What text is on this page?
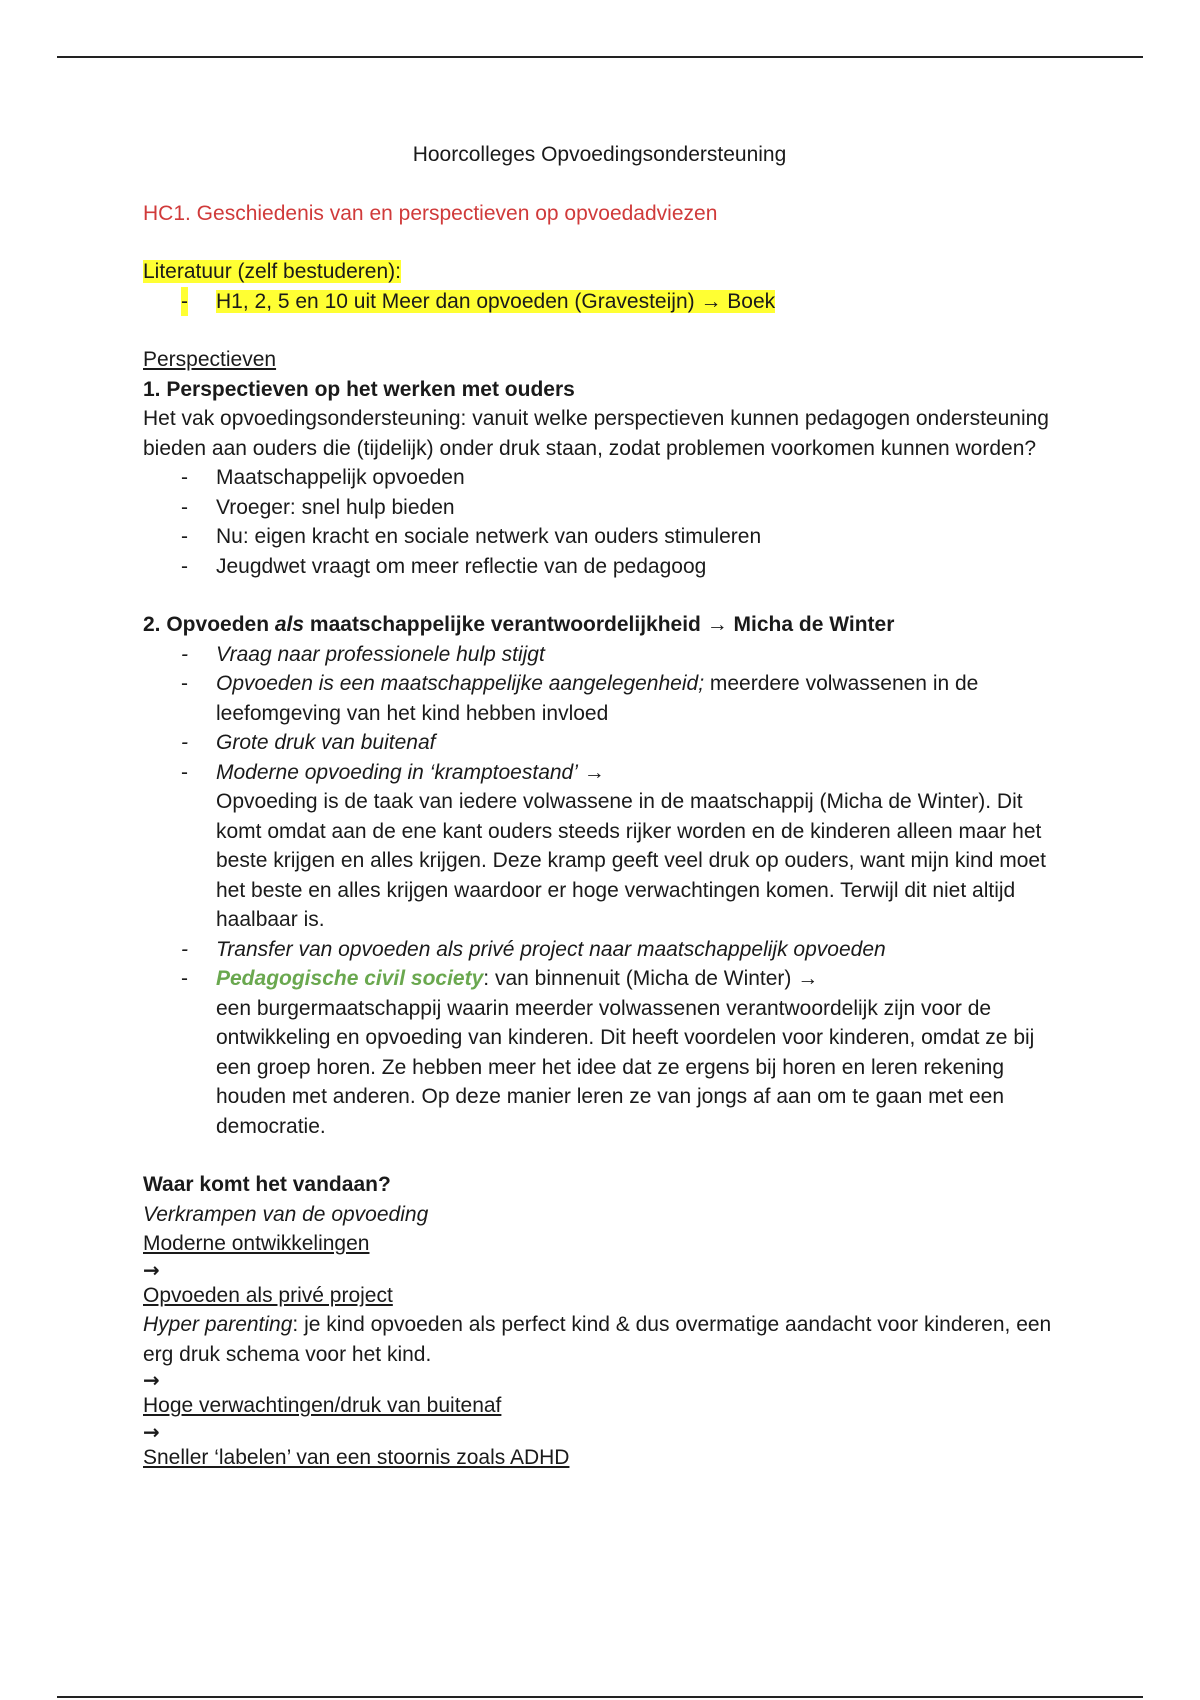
Hoorcolleges Opvoedingsondersteuning
HC1. Geschiedenis van en perspectieven op opvoedadviezen
Literatuur (zelf bestuderen):
- H1, 2, 5 en 10 uit Meer dan opvoeden (Gravesteijn) → Boek
Perspectieven
1. Perspectieven op het werken met ouders
Het vak opvoedingsondersteuning: vanuit welke perspectieven kunnen pedagogen ondersteuning bieden aan ouders die (tijdelijk) onder druk staan, zodat problemen voorkomen kunnen worden?
- Maatschappelijk opvoeden
- Vroeger: snel hulp bieden
- Nu: eigen kracht en sociale netwerk van ouders stimuleren
- Jeugdwet vraagt om meer reflectie van de pedagoog
2. Opvoeden als maatschappelijke verantwoordelijkheid → Micha de Winter
- Vraag naar professionele hulp stijgt
- Opvoeden is een maatschappelijke aangelegenheid; meerdere volwassenen in de leefomgeving van het kind hebben invloed
- Grote druk van buitenaf
- Moderne opvoeding in ‘kramptoestand’ →
Opvoeding is de taak van iedere volwassene in de maatschappij (Micha de Winter). Dit komt omdat aan de ene kant ouders steeds rijker worden en de kinderen alleen maar het beste krijgen en alles krijgen. Deze kramp geeft veel druk op ouders, want mijn kind moet het beste en alles krijgen waardoor er hoge verwachtingen komen. Terwijl dit niet altijd haalbaar is.
- Transfer van opvoeden als privé project naar maatschappelijk opvoeden
- Pedagogische civil society: van binnenuit (Micha de Winter) →
een burgermaatschappij waarin meerder volwassenen verantwoordelijk zijn voor de ontwikkeling en opvoeding van kinderen. Dit heeft voordelen voor kinderen, omdat ze bij een groep horen. Ze hebben meer het idee dat ze ergens bij horen en leren rekening houden met anderen. Op deze manier leren ze van jongs af aan om te gaan met een democratie.
Waar komt het vandaan?
Verkrampen van de opvoeding
Moderne ontwikkelingen
→
Opvoeden als privé project
Hyper parenting: je kind opvoeden als perfect kind & dus overmatige aandacht voor kinderen, een erg druk schema voor het kind.
→
Hoge verwachtingen/druk van buitenaf
→
Sneller ‘labelen’ van een stoornis zoals ADHD
